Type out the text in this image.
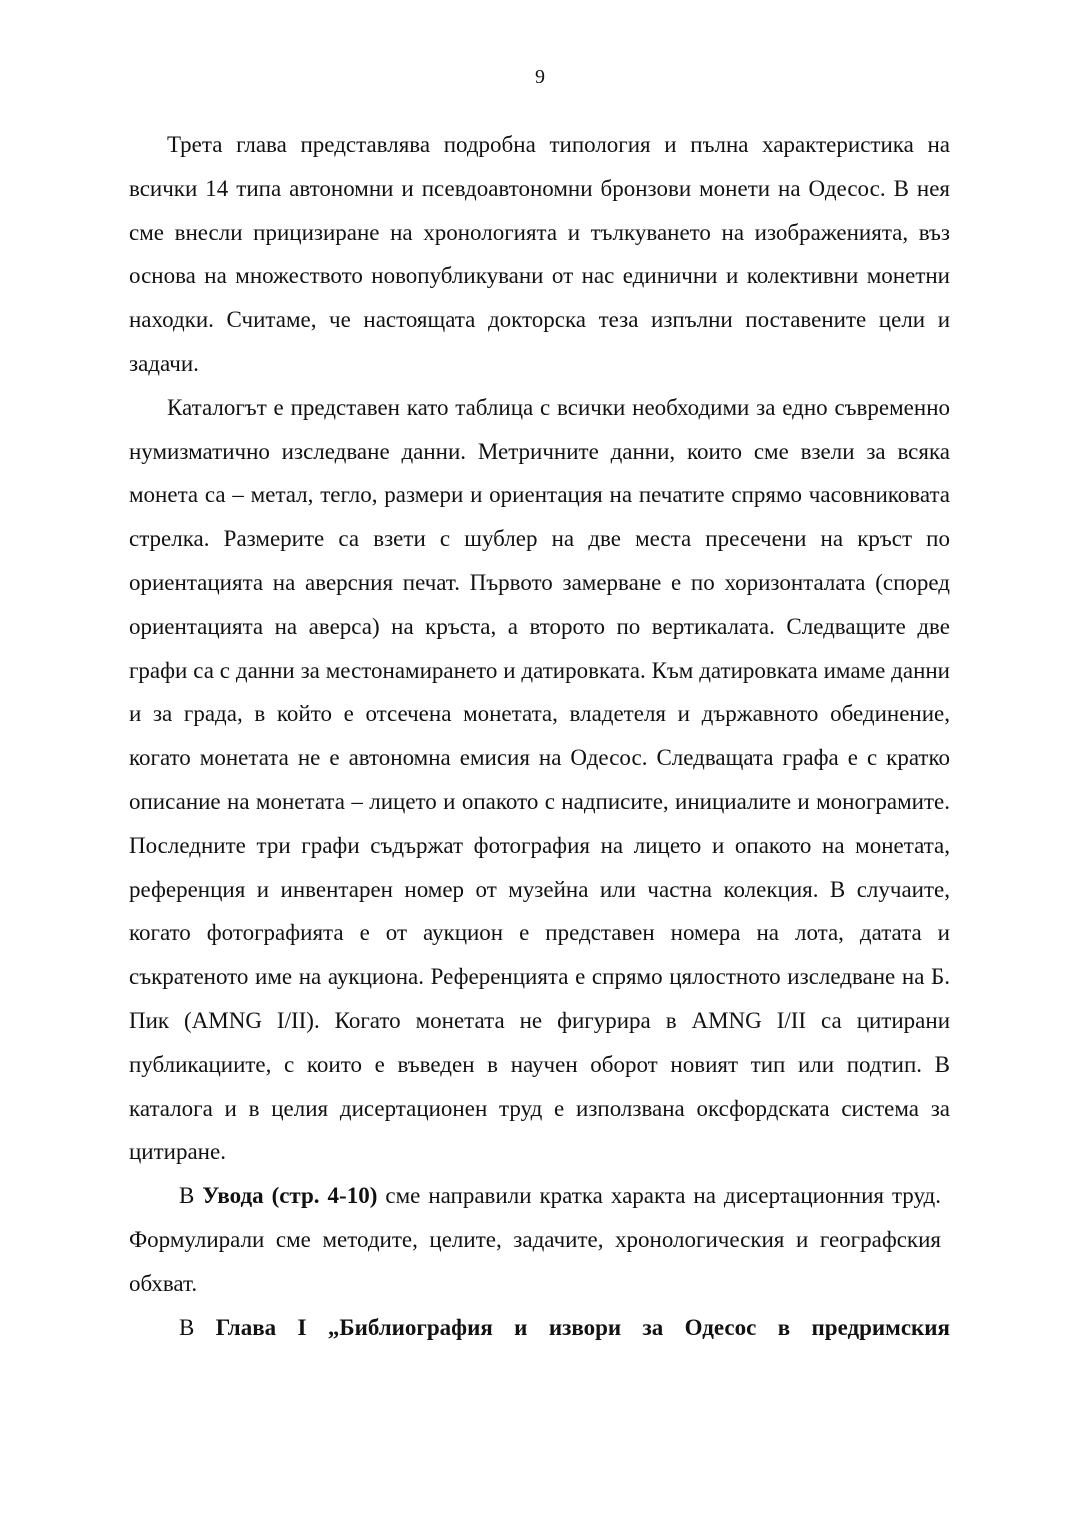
9

Трета глава представлява подробна типология и пълна характеристика на всички 14 типа автономни и псевдоавтономни бронзови монети на Одесос. В нея сме внесли прицизиране на хронологията и тълкуването на изображенията, въз основа на множеството новопубликувани от нас единични и колективни монетни находки. Считаме, че настоящата докторска теза изпълни поставените цели и задачи.

Каталогът е представен като таблица с всички необходими за едно съвременно нумизматично изследване данни. Метричните данни, които сме взели за всяка монета са – метал, тегло, размери и ориентация на печатите спрямо часовниковата стрелка. Размерите са взети с шублер на две места пресечени на кръст по ориентацията на аверсния печат. Първото замерване е по хоризонталата (според ориентацията на аверса) на кръста, а второто по вертикалата. Следващите две графи са с данни за местонамирането и датировката. Към датировката имаме данни и за града, в който е отсечена монетата, владетеля и държавното обединение, когато монетата не е автономна емисия на Одесос. Следващата графа е с кратко описание на монетата – лицето и опакото с надписите, инициалите и монограмите. Последните три графи съдържат фотография на лицето и опакото на монетата, референция и инвентарен номер от музейна или частна колекция. В случаите, когато фотографията е от аукцион е представен номера на лота, датата и съкратеното име на аукциона. Референцията е спрямо цялостното изследване на Б. Пик (AMNG I/II). Когато монетата не фигурира в AMNG I/II са цитирани публикациите, с които е въведен в научен оборот новият тип или подтип. В каталога и в целия дисертационен труд е използвана оксфордската система за цитиране.

В Увода (стр. 4-10) сме направили кратка характа на дисертационния труд. Формулирали сме методите, целите, задачите, хронологическия и географския обхват.

В Глава I „Библиография и извори за Одесос в предримския
